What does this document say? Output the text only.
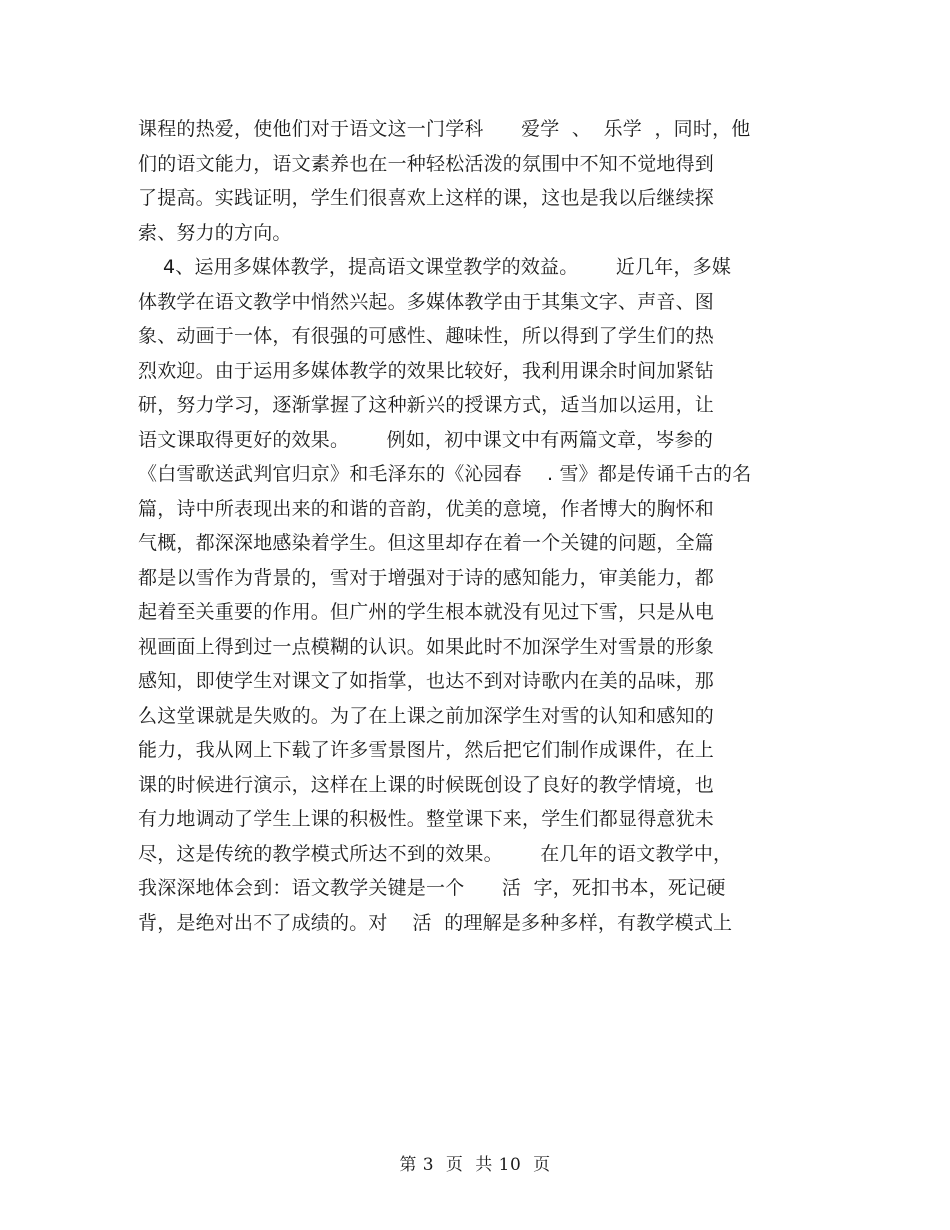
课程的热爱，使他们对于语文这一门学科      爱学  、  乐学  ，同时，他
们的语文能力，语文素养也在一种轻松活泼的氛围中不知不觉地得到
了提高。实践证明，学生们很喜欢上这样的课，这也是我以后继续探
索、努力的方向。
4、运用多媒体教学，提高语文课堂教学的效益。      近几年，多媒
体教学在语文教学中悄然兴起。多媒体教学由于其集文字、声音、图
象、动画于一体，有很强的可感性、趣味性，所以得到了学生们的热
烈欢迎。由于运用多媒体教学的效果比较好，我利用课余时间加紧钻
研，努力学习，逐渐掌握了这种新兴的授课方式，适当加以运用，让
语文课取得更好的效果。      例如，初中课文中有两篇文章，岑参的
《白雪歌送武判官归京》和毛泽东的《沁园春    . 雪》都是传诵千古的名
篇，诗中所表现出来的和谐的音韵，优美的意境，作者博大的胸怀和
气概，都深深地感染着学生。但这里却存在着一个关键的问题，全篇
都是以雪作为背景的，雪对于增强对于诗的感知能力，审美能力，都
起着至关重要的作用。但广州的学生根本就没有见过下雪，只是从电
视画面上得到过一点模糊的认识。如果此时不加深学生对雪景的形象
感知，即使学生对课文了如指掌，也达不到对诗歌内在美的品味，那
么这堂课就是失败的。为了在上课之前加深学生对雪的认知和感知的
能力，我从网上下载了许多雪景图片，然后把它们制作成课件，在上
课的时候进行演示，这样在上课的时候既创设了良好的教学情境，也
有力地调动了学生上课的积极性。整堂课下来，学生们都显得意犹未
尽，这是传统的教学模式所达不到的效果。      在几年的语文教学中，
我深深地体会到：语文教学关键是一个      活  字，死扣书本，死记硬
背，是绝对出不了成绩的。对    活  的理解是多种多样，有教学模式上
第 3  页  共 10  页
